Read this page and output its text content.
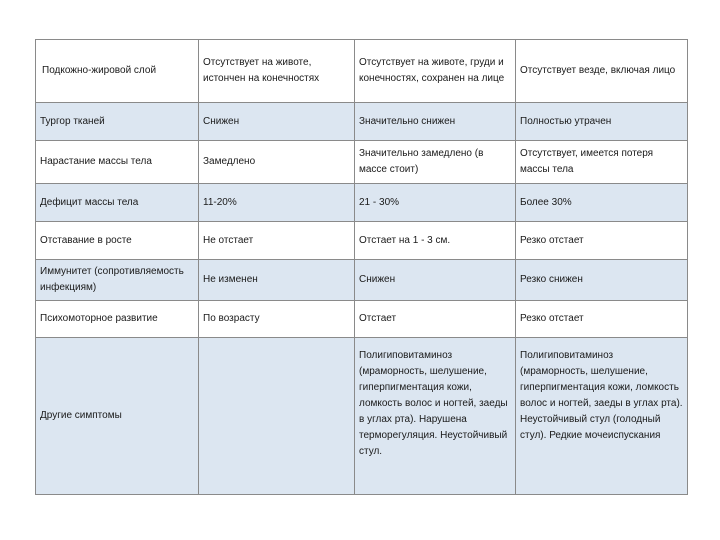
Подкожно-жировой слой	Отсутствует на животе, истончен на конечностях	Отсутствует на животе, груди и конечностях, сохранен на лице	Отсутствует везде, включая лицо
Тургор тканей	Снижен	Значительно снижен	Полностью утрачен
Нарастание массы тела	Замедлено	Значительно замедлено (в массе стоит)	Отсутствует, имеется потеря массы тела
Дефицит массы тела	11-20%	21 - 30%	Более 30%
Отставание в росте	Не отстает	Отстает на 1 - 3 см.	Резко отстает
Иммунитет (сопротивляемость инфекциям)	Не изменен	Снижен	Резко снижен
Психомоторное развитие	По возрасту	Отстает	Резко отстает
Другие симптомы		Полигиповитаминоз (мраморность, шелушение, гиперпигментация кожи, ломкость волос и ногтей, заеды в углах рта). Нарушена терморегуляция. Неустойчивый стул.	Полигиповитаминоз (мраморность, шелушение, гиперпигментация кожи, ломкость волос и ногтей, заеды в углах рта). Неустойчивый стул (голодный стул). Редкие мочеиспускания
